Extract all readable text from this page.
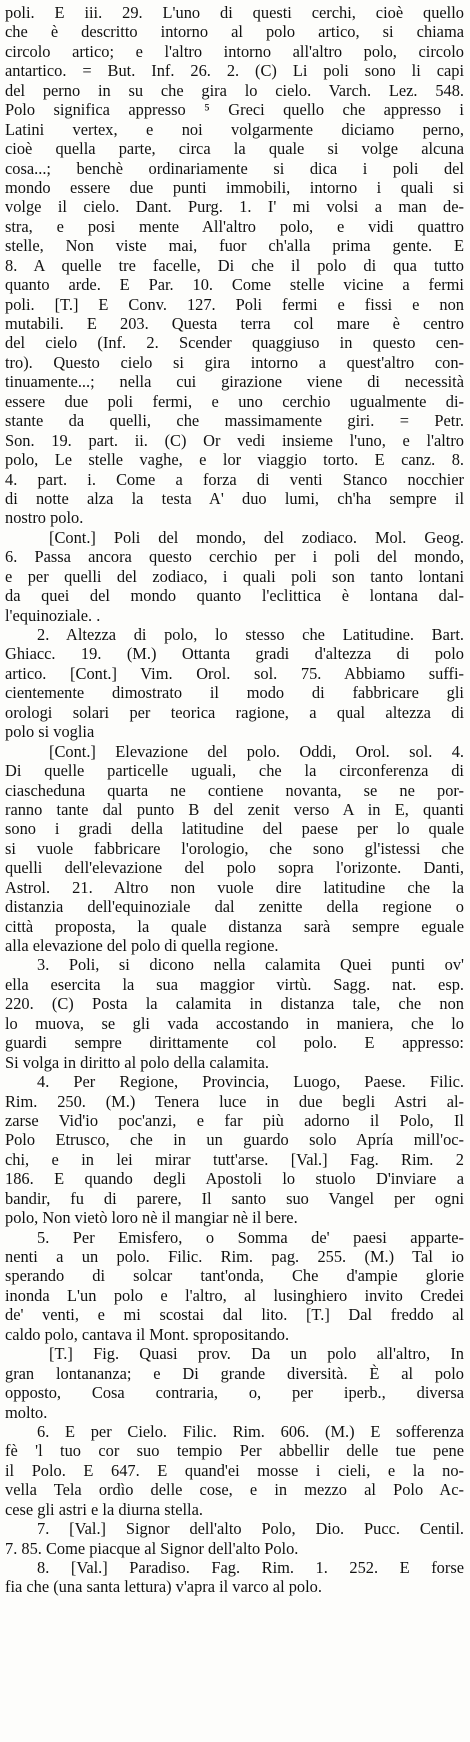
poli. E iii. 29. L'uno di questi cerchi, cioè quello
che è descritto intorno al polo artico, si chiama
circolo artico; e l'altro intorno all'altro polo, circolo
antartico. = But. Inf. 26. 2. (C) Li poli sono li capi
del perno in su che gira lo cielo. Varch. Lez. 548.
Polo significa appresso ⁵ Greci quello che appresso i
Latini vertex, e noi volgarmente diciamo perno,
cioè quella parte, circa la quale si volge alcuna
cosa...; benchè ordinariamente si dica i poli del
mondo essere due punti immobili, intorno i quali si
volge il cielo. Dant. Purg. 1. I' mi volsi a man de-
stra, e posi mente All'altro polo, e vidi quattro
stelle, Non viste mai, fuor ch'alla prima gente. E
8. A quelle tre facelle, Di che il polo di qua tutto
quanto arde. E Par. 10. Come stelle vicine a fermi
poli. [T.] E Conv. 127. Poli fermi e fissi e non
mutabili. E 203. Questa terra col mare è centro
del cielo (Inf. 2. Scender quaggiuso in questo cen-
tro). Questo cielo si gira intorno a quest'altro con-
tinuamente...; nella cui girazione viene di necessità
essere due poli fermi, e uno cerchio ugualmente di-
stante da quelli, che massimamente giri. = Petr.
Son. 19. part. ii. (C) Or vedi insieme l'uno, e l'altro
polo, Le stelle vaghe, e lor viaggio torto. E canz. 8.
4. part. i. Come a forza di venti Stanco nocchier
di notte alza la testa A' duo lumi, ch'ha sempre il
nostro polo.
[Cont.] Poli del mondo, del zodiaco. Mol. Geog.
6. Passa ancora questo cerchio per i poli del mondo,
e per quelli del zodiaco, i quali poli son tanto lontani
da quei del mondo quanto l'eclittica è lontana dal-
l'equinoziale. .
2. Altezza di polo, lo stesso che Latitudine. Bart.
Ghiacc. 19. (M.) Ottanta gradi d'altezza di polo
artico. [Cont.] Vim. Orol. sol. 75. Abbiamo suffi-
cientemente dimostrato il modo di fabbricare gli
orologi solari per teorica ragione, a qual altezza di
polo si voglia
[Cont.] Elevazione del polo. Oddi, Orol. sol. 4.
Di quelle particelle uguali, che la circonferenza di
ciascheduna quarta ne contiene novanta, se ne por-
ranno tante dal punto B del zenit verso A in E, quanti
sono i gradi della latitudine del paese per lo quale
si vuole fabbricare l'orologio, che sono gl'istessi che
quelli dell'elevazione del polo sopra l'orizonte. Danti,
Astrol. 21. Altro non vuole dire latitudine che la
distanzia dell'equinoziale dal zenitte della regione o
città proposta, la quale distanza sarà sempre eguale
alla elevazione del polo di quella regione.
3. Poli, si dicono nella calamita Quei punti ov'
ella esercita la sua maggior virtù. Sagg. nat. esp.
220. (C) Posta la calamita in distanza tale, che non
lo muova, se gli vada accostando in maniera, che lo
guardi sempre dirittamente col polo. E appresso:
Si volga in diritto al polo della calamita.
4. Per Regione, Provincia, Luogo, Paese. Filic.
Rim. 250. (M.) Tenera luce in due begli Astri al-
zarse Vid'io poc'anzi, e far più adorno il Polo, Il
Polo Etrusco, che in un guardo solo Apría mill'oc-
chi, e in lei mirar tutt'arse. [Val.] Fag. Rim. 2
186. E quando degli Apostoli lo stuolo D'inviare a
bandir, fu di parere, Il santo suo Vangel per ogni
polo, Non vietò loro nè il mangiar nè il bere.
5. Per Emisfero, o Somma de' paesi apparte-
nenti a un polo. Filic. Rim. pag. 255. (M.) Tal io
sperando di solcar tant'onda, Che d'ampie glorie
inonda L'un polo e l'altro, al lusinghiero invito Credei
de' venti, e mi scostai dal lito. [T.] Dal freddo al
caldo polo, cantava il Mont. spropositando.
[T.] Fig. Quasi prov. Da un polo all'altro, In
gran lontananza; e Di grande diversità. È al polo
opposto, Cosa contraria, o, per iperb., diversa
molto.
6. E per Cielo. Filic. Rim. 606. (M.) E sofferenza
fè 'l tuo cor suo tempio Per abbellir delle tue pene
il Polo. E 647. E quand'ei mosse i cieli, e la no-
vella Tela ordìo delle cose, e in mezzo al Polo Ac-
cese gli astri e la diurna stella.
7. [Val.] Signor dell'alto Polo, Dio. Pucc. Centil.
7. 85. Come piacque al Signor dell'alto Polo.
8. [Val.] Paradiso. Fag. Rim. 1. 252. E forse
fia che (una santa lettura) v'apra il varco al polo.
